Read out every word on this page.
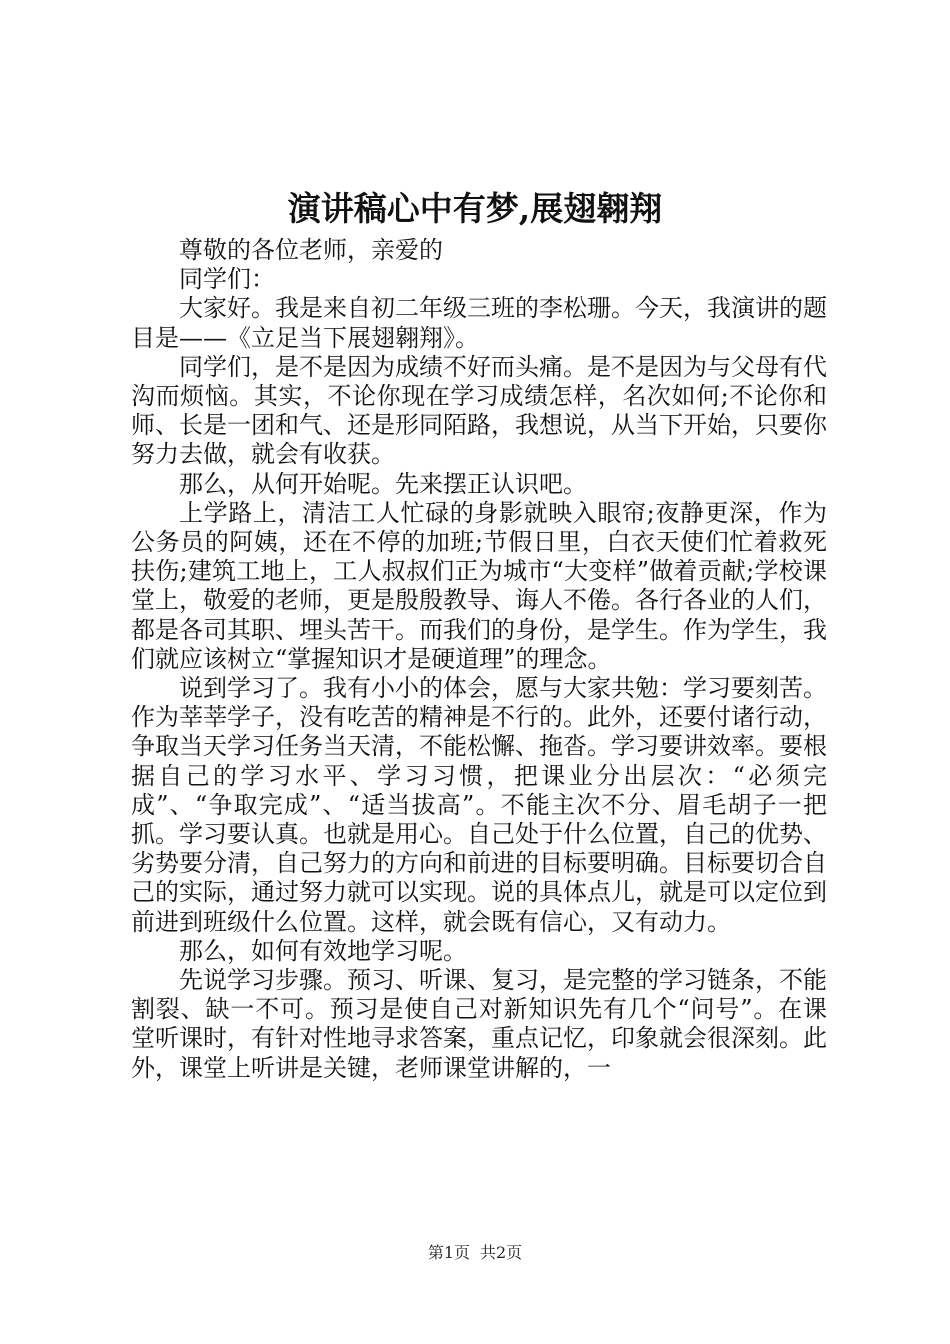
演讲稿心中有梦,展翅翱翔

尊敬的各位老师，亲爱的

同学们：

大家好。我是来自初二年级三班的李松珊。今天，我演讲的题目是——《立足当下展翅翱翔》。

同学们，是不是因为成绩不好而头痛。是不是因为与父母有代沟而烦恼。其实，不论你现在学习成绩怎样，名次如何;不论你和师、长是一团和气、还是形同陌路，我想说，从当下开始，只要你努力去做，就会有收获。

那么，从何开始呢。先来摆正认识吧。

上学路上，清洁工人忙碌的身影就映入眼帘;夜静更深，作为公务员的阿姨，还在不停的加班;节假日里，白衣天使们忙着救死扶伤;建筑工地上，工人叔叔们正为城市“大变样”做着贡献;学校课堂上，敬爱的老师，更是殷殷教导、诲人不倦。各行各业的人们，都是各司其职、埋头苦干。而我们的身份，是学生。作为学生，我们就应该树立“掌握知识才是硬道理”的理念。

说到学习了。我有小小的体会，愿与大家共勉：学习要刻苦。作为莘莘学子，没有吃苦的精神是不行的。此外，还要付诸行动，争取当天学习任务当天清，不能松懈、拖沓。学习要讲效率。要根据自己的学习水平、学习习惯，把课业分出层次：“必须完成”、“争取完成”、“适当拔高”。不能主次不分、眉毛胡子一把抓。学习要认真。也就是用心。自己处于什么位置，自己的优势、劣势要分清，自己努力的方向和前进的目标要明确。目标要切合自己的实际，通过努力就可以实现。说的具体点儿，就是可以定位到前进到班级什么位置。这样，就会既有信心，又有动力。

那么，如何有效地学习呢。

先说学习步骤。预习、听课、复习，是完整的学习链条，不能割裂、缺一不可。预习是使自己对新知识先有几个“问号”。在课堂听课时，有针对性地寻求答案，重点记忆，印象就会很深刻。此外，课堂上听讲是关键，老师课堂讲解的，一

第1页 共2页
